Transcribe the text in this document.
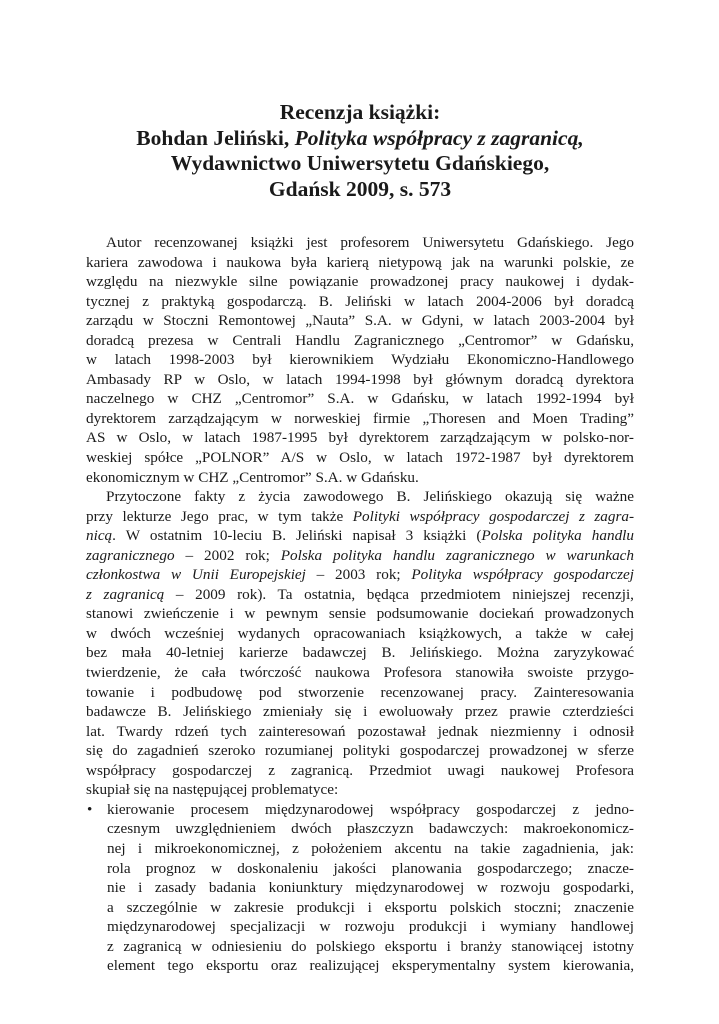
Recenzja książki:
Bohdan Jeliński, Polityka współpracy z zagranicą,
Wydawnictwo Uniwersytetu Gdańskiego,
Gdańsk 2009, s. 573
Autor recenzowanej książki jest profesorem Uniwersytetu Gdańskiego. Jego
kariera zawodowa i naukowa była karierą nietypową jak na warunki polskie, ze
względu na niezwykle silne powiązanie prowadzonej pracy naukowej i dydak-
tycznej z praktyką gospodarczą. B. Jeliński w latach 2004-2006 był doradcą
zarządu w Stoczni Remontowej „Nauta” S.A. w Gdyni, w latach 2003-2004 był
doradcą prezesa w Centrali Handlu Zagranicznego „Centromor” w Gdańsku,
w latach 1998-2003 był kierownikiem Wydziału Ekonomiczno-Handlowego
Ambasady RP w Oslo, w latach 1994-1998 był głównym doradcą dyrektora
naczelnego w CHZ „Centromor” S.A. w Gdańsku, w latach 1992-1994 był
dyrektorem zarządzającym w norweskiej firmie „Thoresen and Moen Trading”
AS w Oslo, w latach 1987-1995 był dyrektorem zarządzającym w polsko-nor-
weskiej spółce „POLNOR” A/S w Oslo, w latach 1972-1987 był dyrektorem
ekonomicznym w CHZ „Centromor” S.A. w Gdańsku.
Przytoczone fakty z życia zawodowego B. Jelińskiego okazują się ważne
przy lekturze Jego prac, w tym także Polityki współpracy gospodarczej z zagra-
nicą. W ostatnim 10-leciu B. Jeliński napisał 3 książki (Polska polityka handlu
zagranicznego – 2002 rok; Polska polityka handlu zagranicznego w warunkach
członkostwa w Unii Europejskiej – 2003 rok; Polityka współpracy gospodarczej
z zagranicą – 2009 rok). Ta ostatnia, będąca przedmiotem niniejszej recenzji,
stanowi zwieńczenie i w pewnym sensie podsumowanie dociekań prowadzonych
w dwóch wcześniej wydanych opracowaniach książkowych, a także w całej
bez mała 40-letniej karierze badawczej B. Jelińskiego. Można zaryzykować
twierdzenie, że cała twórczość naukowa Profesora stanowiła swoiste przygo-
towanie i podbudowę pod stworzenie recenzowanej pracy. Zainteresowania
badawcze B. Jelińskiego zmieniały się i ewoluowały przez prawie czterdzieści
lat. Twardy rdzeń tych zainteresowań pozostawał jednak niezmienny i odnosił
się do zagadnień szeroko rozumianej polityki gospodarczej prowadzonej w sferze
współpracy gospodarczej z zagranicą. Przedmiot uwagi naukowej Profesora
skupiał się na następującej problematyce:
• kierowanie procesem międzynarodowej współpracy gospodarczej z jedno-
czesnym uwzględnieniem dwóch płaszczyzn badawczych: makroekonomicz-
nej i mikroekonomicznej, z położeniem akcentu na takie zagadnienia, jak:
rola prognoz w doskonaleniu jakości planowania gospodarczego; znacze-
nie i zasady badania koniunktury międzynarodowej w rozwoju gospodarki,
a szczególnie w zakresie produkcji i eksportu polskich stoczni; znaczenie
międzynarodowej specjalizacji w rozwoju produkcji i wymiany handlowej
z zagranicą w odniesieniu do polskiego eksportu i branży stanowiącej istotny
element tego eksportu oraz realizującej eksperymentalny system kierowania,
